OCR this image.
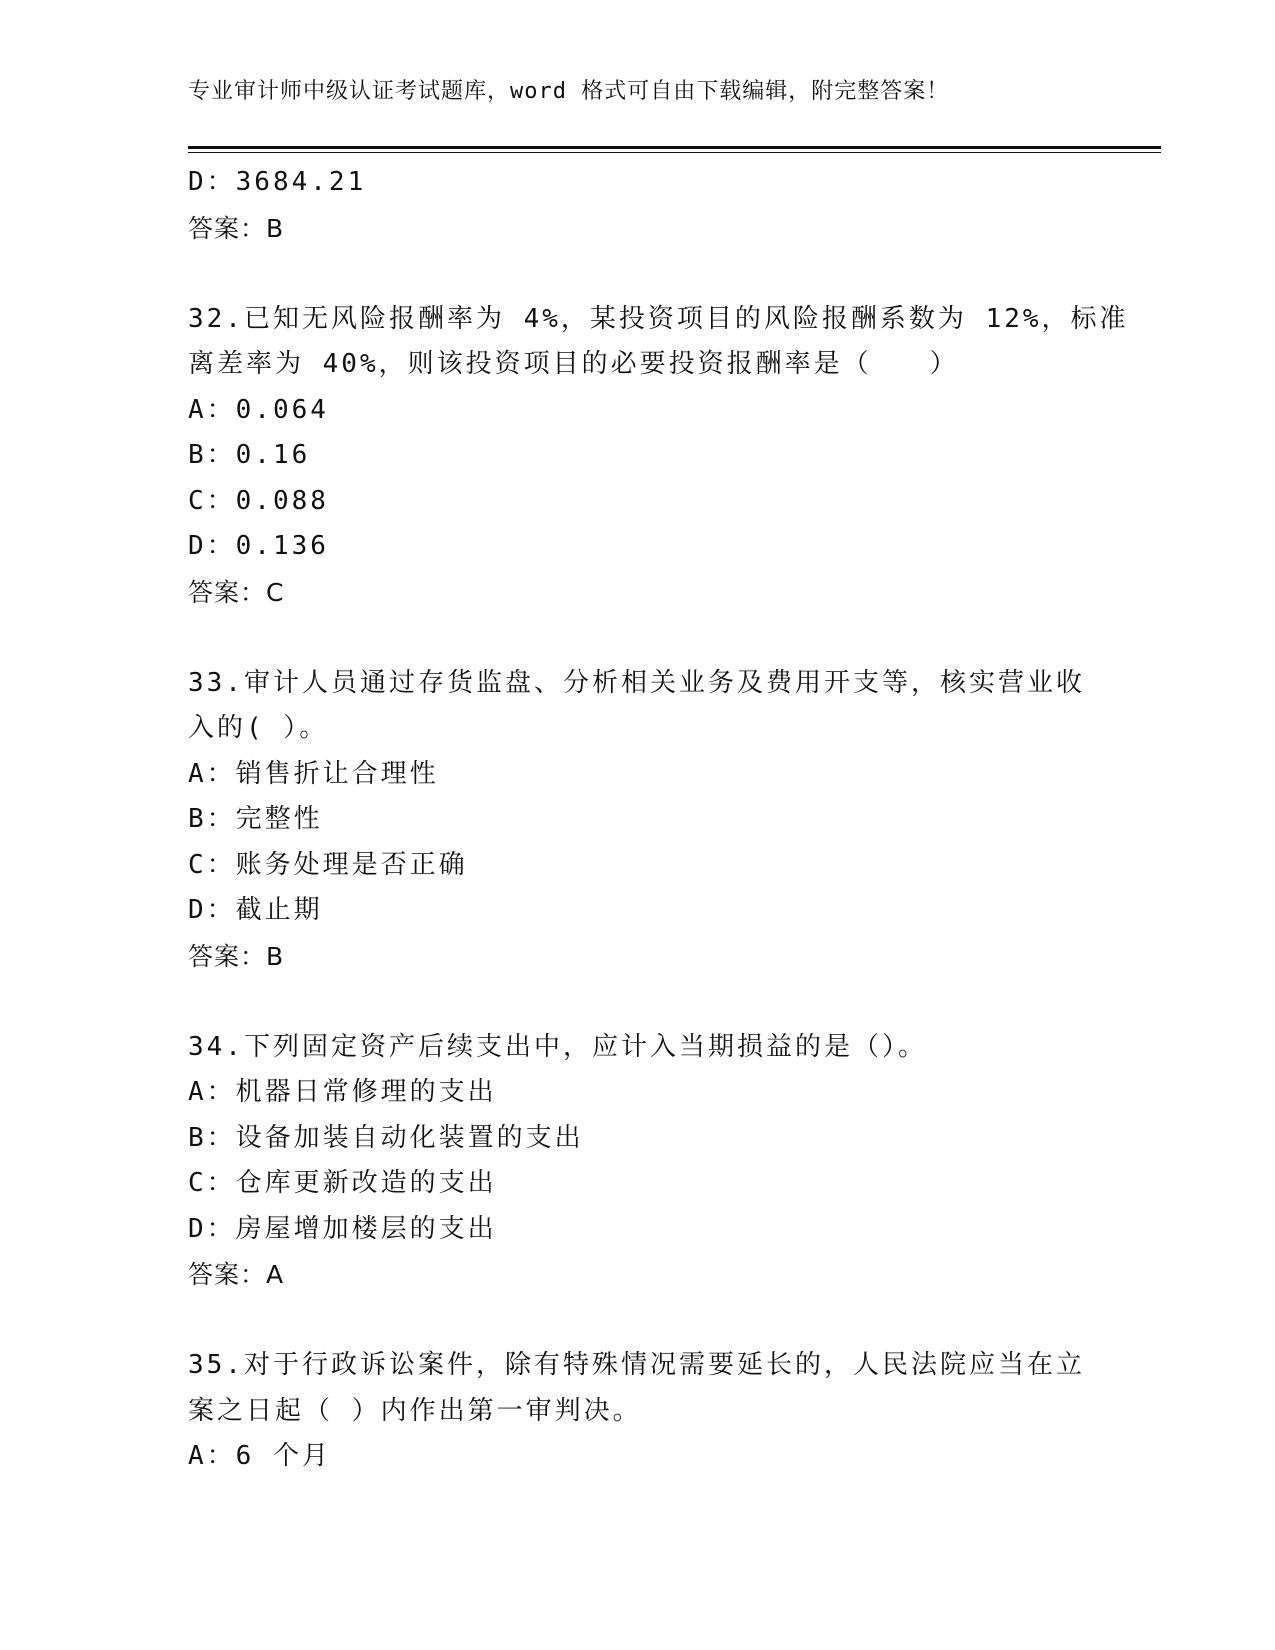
专业审计师中级认证考试题库，word 格式可自由下载编辑，附完整答案！
D：3684.21
答案：B
32.已知无风险报酬率为 4%，某投资项目的风险报酬系数为 12%，标准
离差率为 40%，则该投资项目的必要投资报酬率是（　　）
A：0.064
B：0.16
C：0.088
D：0.136
答案：C
33.审计人员通过存货监盘、分析相关业务及费用开支等，核实营业收
入的( ）。
A：销售折让合理性
B：完整性
C：账务处理是否正确
D：截止期
答案：B
34.下列固定资产后续支出中，应计入当期损益的是（）。
A：机器日常修理的支出
B：设备加装自动化装置的支出
C：仓库更新改造的支出
D：房屋增加楼层的支出
答案：A
35.对于行政诉讼案件，除有特殊情况需要延长的，人民法院应当在立
案之日起（ ）内作出第一审判决。
A：6 个月
